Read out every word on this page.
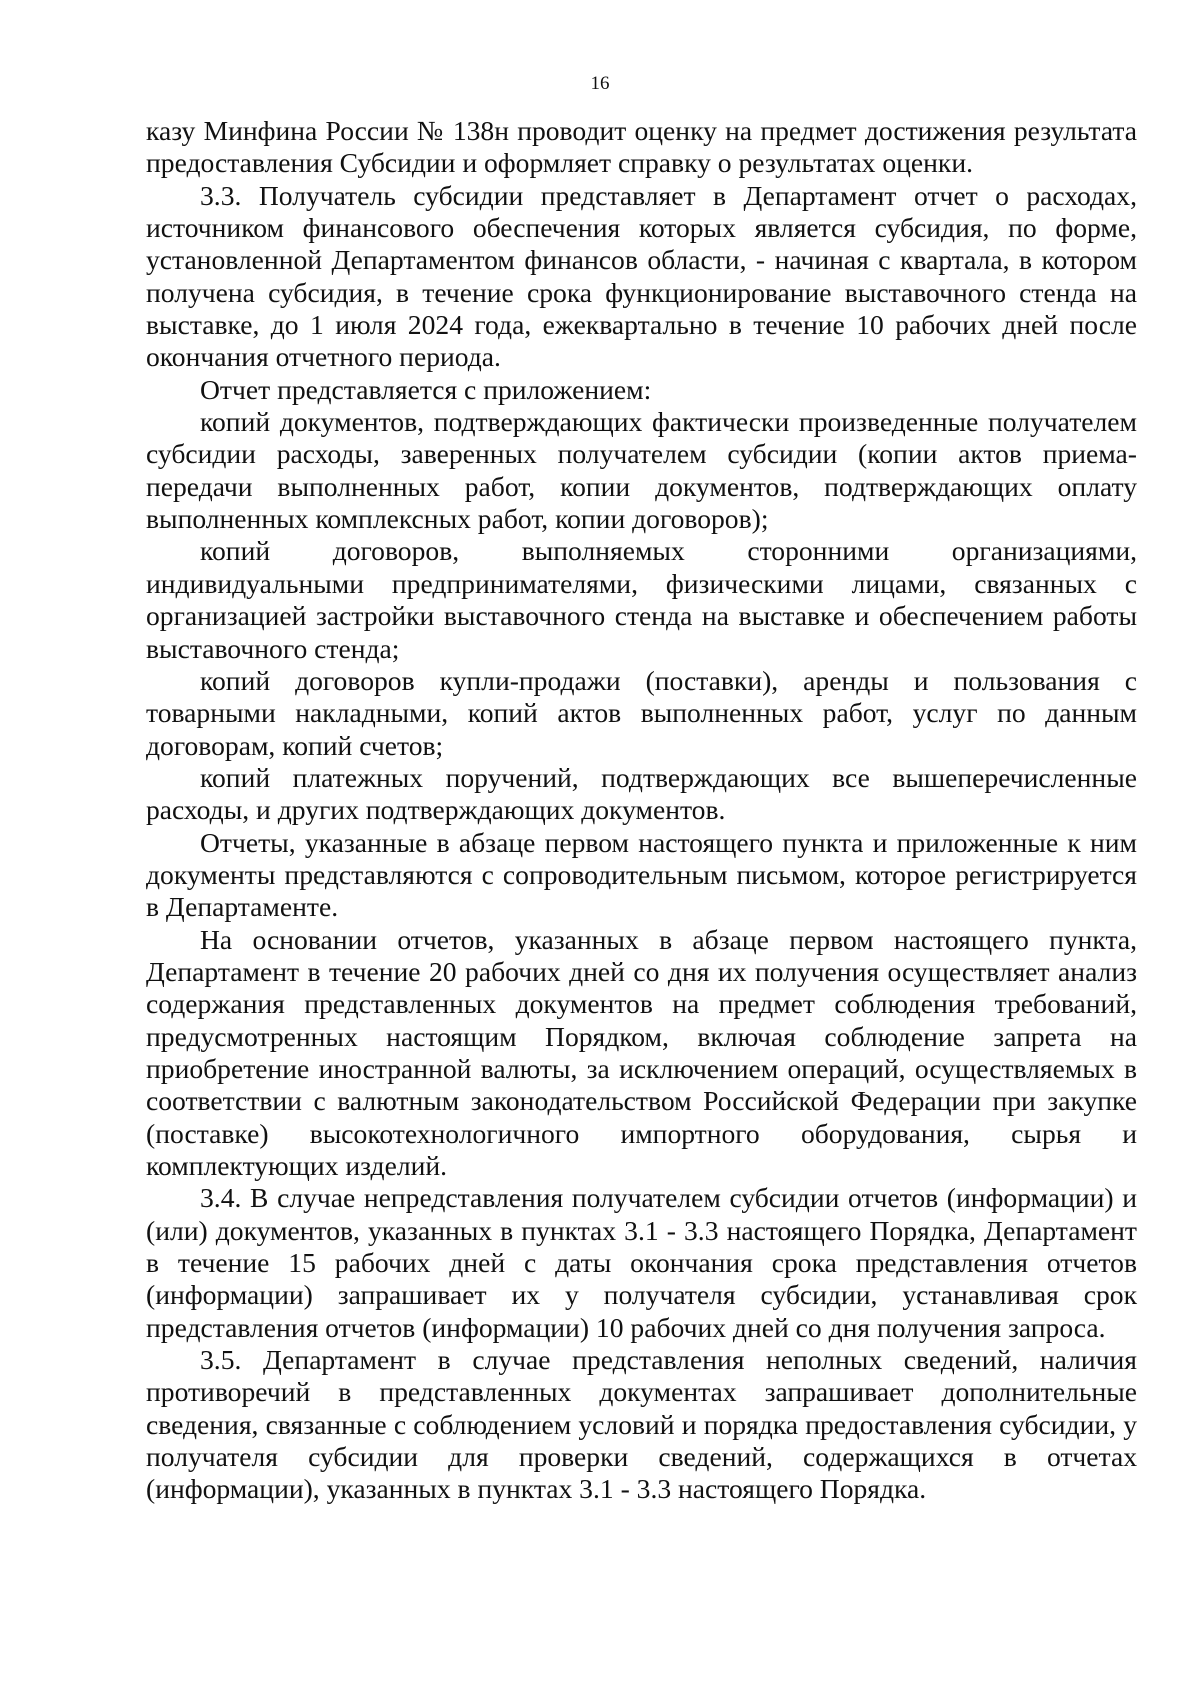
16

казу Минфина России № 138н проводит оценку на предмет достижения результата предоставления Субсидии и оформляет справку о результатах оценки.

3.3. Получатель субсидии представляет в Департамент отчет о расходах, источником финансового обеспечения которых является субсидия, по форме, установленной Департаментом финансов области, - начиная с квартала, в котором получена субсидия, в течение срока функционирование выставочного стенда на выставке, до 1 июля 2024 года, ежеквартально в течение 10 рабочих дней после окончания отчетного периода.

Отчет представляется с приложением:

копий документов, подтверждающих фактически произведенные получателем субсидии расходы, заверенных получателем субсидии (копии актов приема-передачи выполненных работ, копии документов, подтверждающих оплату выполненных комплексных работ, копии договоров);

копий договоров, выполняемых сторонними организациями, индивидуальными предпринимателями, физическими лицами, связанных с организацией застройки выставочного стенда на выставке и обеспечением работы выставочного стенда;

копий договоров купли-продажи (поставки), аренды и пользования с товарными накладными, копий актов выполненных работ, услуг по данным договорам, копий счетов;

копий платежных поручений, подтверждающих все вышеперечисленные расходы, и других подтверждающих документов.

Отчеты, указанные в абзаце первом настоящего пункта и приложенные к ним документы представляются с сопроводительным письмом, которое регистрируется в Департаменте.

На основании отчетов, указанных в абзаце первом настоящего пункта, Департамент в течение 20 рабочих дней со дня их получения осуществляет анализ содержания представленных документов на предмет соблюдения требований, предусмотренных настоящим Порядком, включая соблюдение запрета на приобретение иностранной валюты, за исключением операций, осуществляемых в соответствии с валютным законодательством Российской Федерации при закупке (поставке) высокотехнологичного импортного оборудования, сырья и комплектующих изделий.

3.4. В случае непредставления получателем субсидии отчетов (информации) и (или) документов, указанных в пунктах 3.1 - 3.3 настоящего Порядка, Департамент в течение 15 рабочих дней с даты окончания срока представления отчетов (информации) запрашивает их у получателя субсидии, устанавливая срок представления отчетов (информации) 10 рабочих дней со дня получения запроса.

3.5. Департамент в случае представления неполных сведений, наличия противоречий в представленных документах запрашивает дополнительные сведения, связанные с соблюдением условий и порядка предоставления субсидии, у получателя субсидии для проверки сведений, содержащихся в отчетах (информации), указанных в пунктах 3.1 - 3.3 настоящего Порядка.
